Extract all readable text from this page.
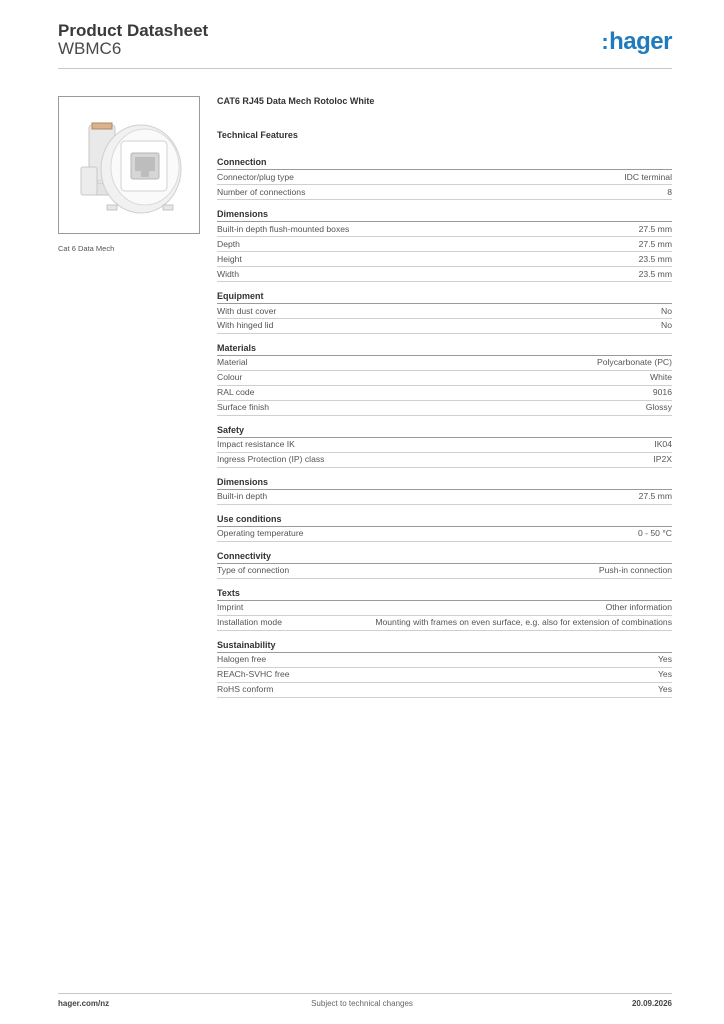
Product Datasheet
WBMC6	:hager
Cat 6 Data Mech
CAT6 RJ45 Data Mech Rotoloc White
Technical Features
Connection
Connector/plug type	IDC terminal
Number of connections	8
Dimensions
Built-in depth flush-mounted boxes	27.5 mm
Depth	27.5 mm
Height	23.5 mm
Width	23.5 mm
Equipment
With dust cover	No
With hinged lid	No
Materials
Material	Polycarbonate (PC)
Colour	White
RAL code	9016
Surface finish	Glossy
Safety
Impact resistance IK	IK04
Ingress Protection (IP) class	IP2X
Dimensions
Built-in depth	27.5 mm
Use conditions
Operating temperature	0 - 50 °C
Connectivity
Type of connection	Push-in connection
Texts
Imprint	Other information
Installation mode	Mounting with frames on even surface, e.g. also for extension of combinations
Sustainability
Halogen free	Yes
REACh-SVHC free	Yes
RoHS conform	Yes
hager.com/nz	Subject to technical changes	20.09.2026
